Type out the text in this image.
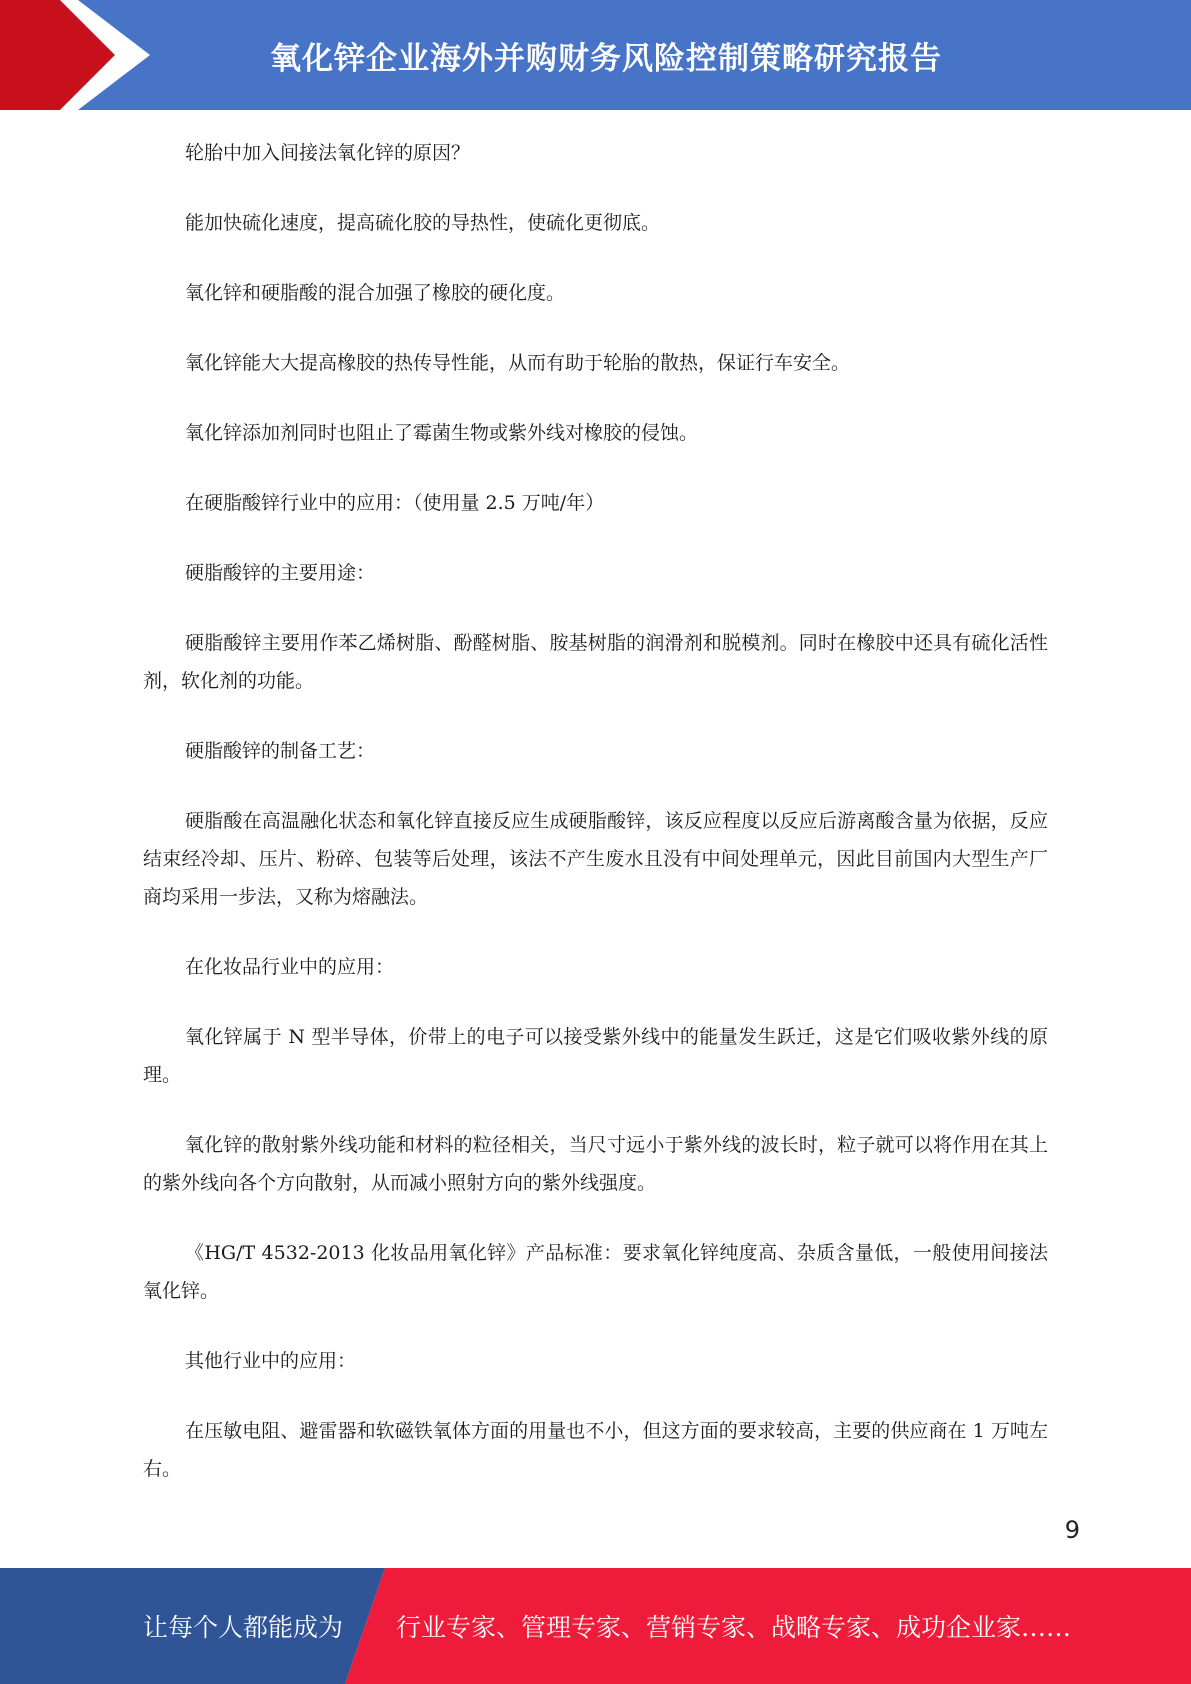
氧化锌企业海外并购财务风险控制策略研究报告

轮胎中加入间接法氧化锌的原因？

能加快硫化速度，提高硫化胶的导热性，使硫化更彻底。

氧化锌和硬脂酸的混合加强了橡胶的硬化度。

氧化锌能大大提高橡胶的热传导性能，从而有助于轮胎的散热，保证行车安全。

氧化锌添加剂同时也阻止了霉菌生物或紫外线对橡胶的侵蚀。

在硬脂酸锌行业中的应用：（使用量 2.5 万吨/年）

硬脂酸锌的主要用途：

硬脂酸锌主要用作苯乙烯树脂、酚醛树脂、胺基树脂的润滑剂和脱模剂。同时在橡胶中还具有硫化活性剂，软化剂的功能。

硬脂酸锌的制备工艺：

硬脂酸在高温融化状态和氧化锌直接反应生成硬脂酸锌，该反应程度以反应后游离酸含量为依据，反应结束经冷却、压片、粉碎、包装等后处理，该法不产生废水且没有中间处理单元，因此目前国内大型生产厂商均采用一步法，又称为熔融法。

在化妆品行业中的应用：

氧化锌属于 N 型半导体，价带上的电子可以接受紫外线中的能量发生跃迁，这是它们吸收紫外线的原理。

氧化锌的散射紫外线功能和材料的粒径相关，当尺寸远小于紫外线的波长时，粒子就可以将作用在其上的紫外线向各个方向散射，从而减小照射方向的紫外线强度。

《HG/T 4532-2013 化妆品用氧化锌》产品标准：要求氧化锌纯度高、杂质含量低，一般使用间接法氧化锌。

其他行业中的应用：

在压敏电阻、避雷器和软磁铁氧体方面的用量也不小，但这方面的要求较高，主要的供应商在 1 万吨左右。

9
让每个人都能成为 行业专家、管理专家、营销专家、战略专家、成功企业家……
